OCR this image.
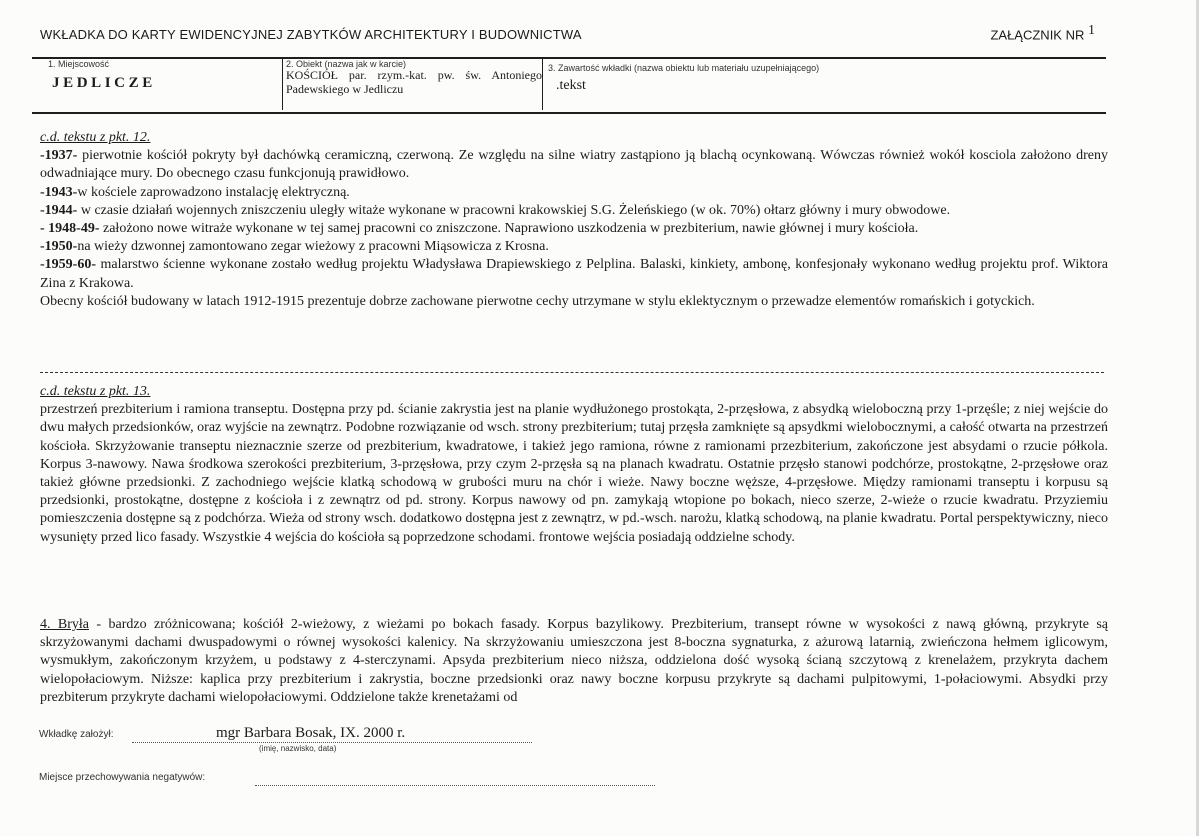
WKŁADKA DO KARTY EWIDENCYJNEJ ZABYTKÓW ARCHITEKTURY I BUDOWNICTWA	ZAŁĄCZNIK NR $^1$
1. Miejscowość
JEDLICZE
2. Obiekt (nazwa jak w karcie)
KOŚCIÓŁ par. rzym.-kat. pw. św. Antoniego Padewskiego w Jedliczu
3. Zawartość wkładki (nazwa obiektu lub materiału uzupełniającego)
.tekst

c.d. tekstu z pkt. 12.

-1937- pierwotnie kościół pokryty był dachówką ceramiczną, czerwoną. Ze względu na silne wiatry zastąpiono ją blachą ocynkowaną. Wówczas również wokół kosciola założono dreny odwadniające mury. Do obecnego czasu funkcjonują prawidłowo.

-1943-w kościele zaprowadzono instalację elektryczną.

-1944- w czasie działań wojennych zniszczeniu uległy witaże wykonane w pracowni krakowskiej S.G. Żeleńskiego (w ok. 70%) ołtarz główny i mury obwodowe.

- 1948-49- założono nowe witraże wykonane w tej samej pracowni co zniszczone. Naprawiono uszkodzenia w prezbiterium, nawie głównej i mury kościoła.

-1950-na wieży dzwonnej zamontowano zegar wieżowy z pracowni Miąsowicza z Krosna.

-1959-60- malarstwo ścienne wykonane zostało według projektu Władysława Drapiewskiego z Pelplina. Balaski, kinkiety, ambonę, konfesjonały wykonano według projektu prof. Wiktora Zina z Krakowa.

Obecny kościół budowany w latach 1912-1915 prezentuje dobrze zachowane pierwotne cechy utrzymane w stylu eklektycznym o przewadze elementów romańskich i gotyckich.

c.d. tekstu z pkt. 13.

przestrzeń prezbiterium i ramiona transeptu. Dostępna przy pd. ścianie zakrystia jest na planie wydłużonego prostokąta, 2-przęsłowa, z absydką wieloboczną przy 1-przęśle; z niej wejście do dwu małych przedsionków, oraz wyjście na zewnątrz. Podobne rozwiązanie od wsch. strony prezbiterium; tutaj przęsła zamknięte są apsydkmi wielobocznymi, a całość otwarta na przestrzeń kościoła. Skrzyżowanie transeptu nieznacznie szerze od prezbiterium, kwadratowe, i takież jego ramiona, równe z ramionami przezbiterium, zakończone jest absydami o rzucie półkola. Korpus 3-nawowy. Nawa środkowa szerokości prezbiterium, 3-przęsłowa, przy czym 2-przęsła są na planach kwadratu. Ostatnie przęsło stanowi podchórze, prostokątne, 2-przęsłowe oraz takież główne przedsionki. Z zachodniego wejście klatką schodową w grubości muru na chór i wieże. Nawy boczne węższe, 4-przęsłowe. Między ramionami transeptu i korpusu są przedsionki, prostokątne, dostępne z kościoła i z zewnątrz od pd. strony. Korpus nawowy od pn. zamykają wtopione po bokach, nieco szerze, 2-wieże o rzucie kwadratu. Przyziemiu pomieszczenia dostępne są z podchórza. Wieża od strony wsch. dodatkowo dostępna jest z zewnątrz, w pd.-wsch. narożu, klatką schodową, na planie kwadratu. Portal perspektywiczny, nieco wysunięty przed lico fasady. Wszystkie 4 wejścia do kościoła są poprzedzone schodami. frontowe wejścia posiadają oddzielne schody.

4. Bryła - bardzo zróżnicowana; kościół 2-wieżowy, z wieżami po bokach fasady. Korpus bazylikowy. Prezbiterium, transept równe w wysokości z nawą główną, przykryte są skrzyżowanymi dachami dwuspadowymi o równej wysokości kalenicy. Na skrzyżowaniu umieszczona jest 8-boczna sygnaturka, z ażurową latarnią, zwieńczona hełmem iglicowym, wysmukłym, zakończonym krzyżem, u podstawy z 4-sterczynami. Apsyda prezbiterium nieco niższa, oddzielona dość wysoką ścianą szczytową z krenelażem, przykryta dachem wielopołaciowym. Niższe: kaplica przy prezbiterium i zakrystia, boczne przedsionki oraz nawy boczne korpusu przykryte są dachami pulpitowymi, 1-połaciowymi. Absydki przy prezbiterum przykryte dachami wielopołaciowymi. Oddzielone także krenetażami od

Wkładkę założył:	mgr Barbara Bosak, IX. 2000 r.
(imię, nazwisko, data)
Miejsce przechowywania negatywów:
